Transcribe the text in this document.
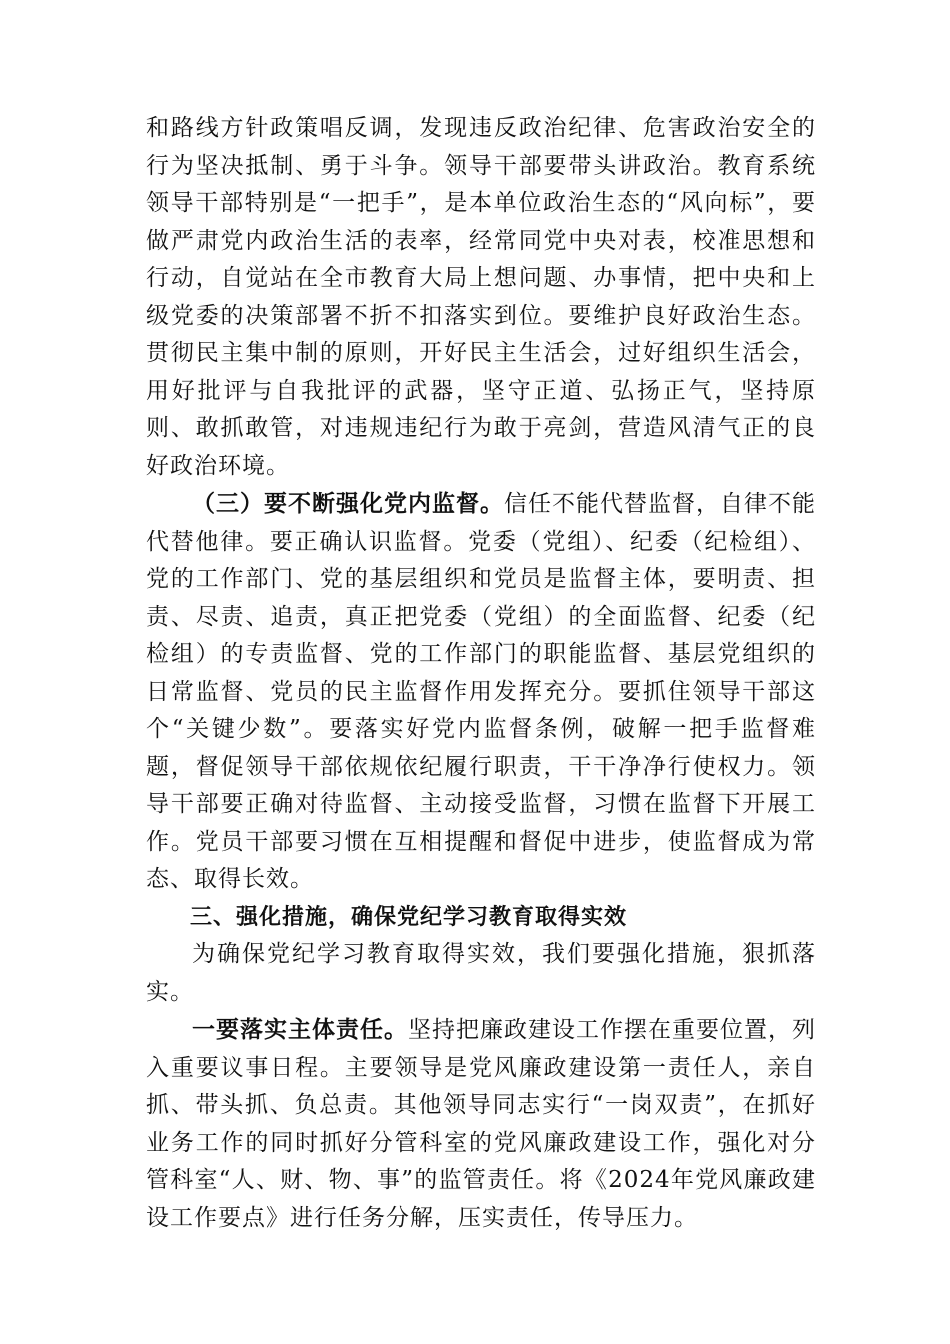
和路线方针政策唱反调，发现违反政治纪律、危害政治安全的行为坚决抵制、勇于斗争。领导干部要带头讲政治。教育系统领导干部特别是“一把手”，是本单位政治生态的“风向标”，要做严肃党内政治生活的表率，经常同党中央对表，校准思想和行动，自觉站在全市教育大局上想问题、办事情，把中央和上级党委的决策部署不折不扣落实到位。要维护良好政治生态。贯彻民主集中制的原则，开好民主生活会，过好组织生活会，用好批评与自我批评的武器，坚守正道、弘扬正气，坚持原则、敢抓敢管，对违规违纪行为敢于亮剑，营造风清气正的良好政治环境。

（三）要不断强化党内监督。信任不能代替监督，自律不能代替他律。要正确认识监督。党委（党组）、纪委（纪检组）、党的工作部门、党的基层组织和党员是监督主体，要明责、担责、尽责、追责，真正把党委（党组）的全面监督、纪委（纪检组）的专责监督、党的工作部门的职能监督、基层党组织的日常监督、党员的民主监督作用发挥充分。要抓住领导干部这个“关键少数”。要落实好党内监督条例，破解一把手监督难题，督促领导干部依规依纪履行职责，干干净净行使权力。领导干部要正确对待监督、主动接受监督，习惯在监督下开展工作。党员干部要习惯在互相提醒和督促中进步，使监督成为常态、取得长效。

三、强化措施，确保党纪学习教育取得实效

为确保党纪学习教育取得实效，我们要强化措施，狠抓落实。

一要落实主体责任。坚持把廉政建设工作摆在重要位置，列入重要议事日程。主要领导是党风廉政建设第一责任人，亲自抓、带头抓、负总责。其他领导同志实行“一岗双责”，在抓好业务工作的同时抓好分管科室的党风廉政建设工作，强化对分管科室“人、财、物、事”的监管责任。将《2024年党风廉政建设工作要点》进行任务分解，压实责任，传导压力。
